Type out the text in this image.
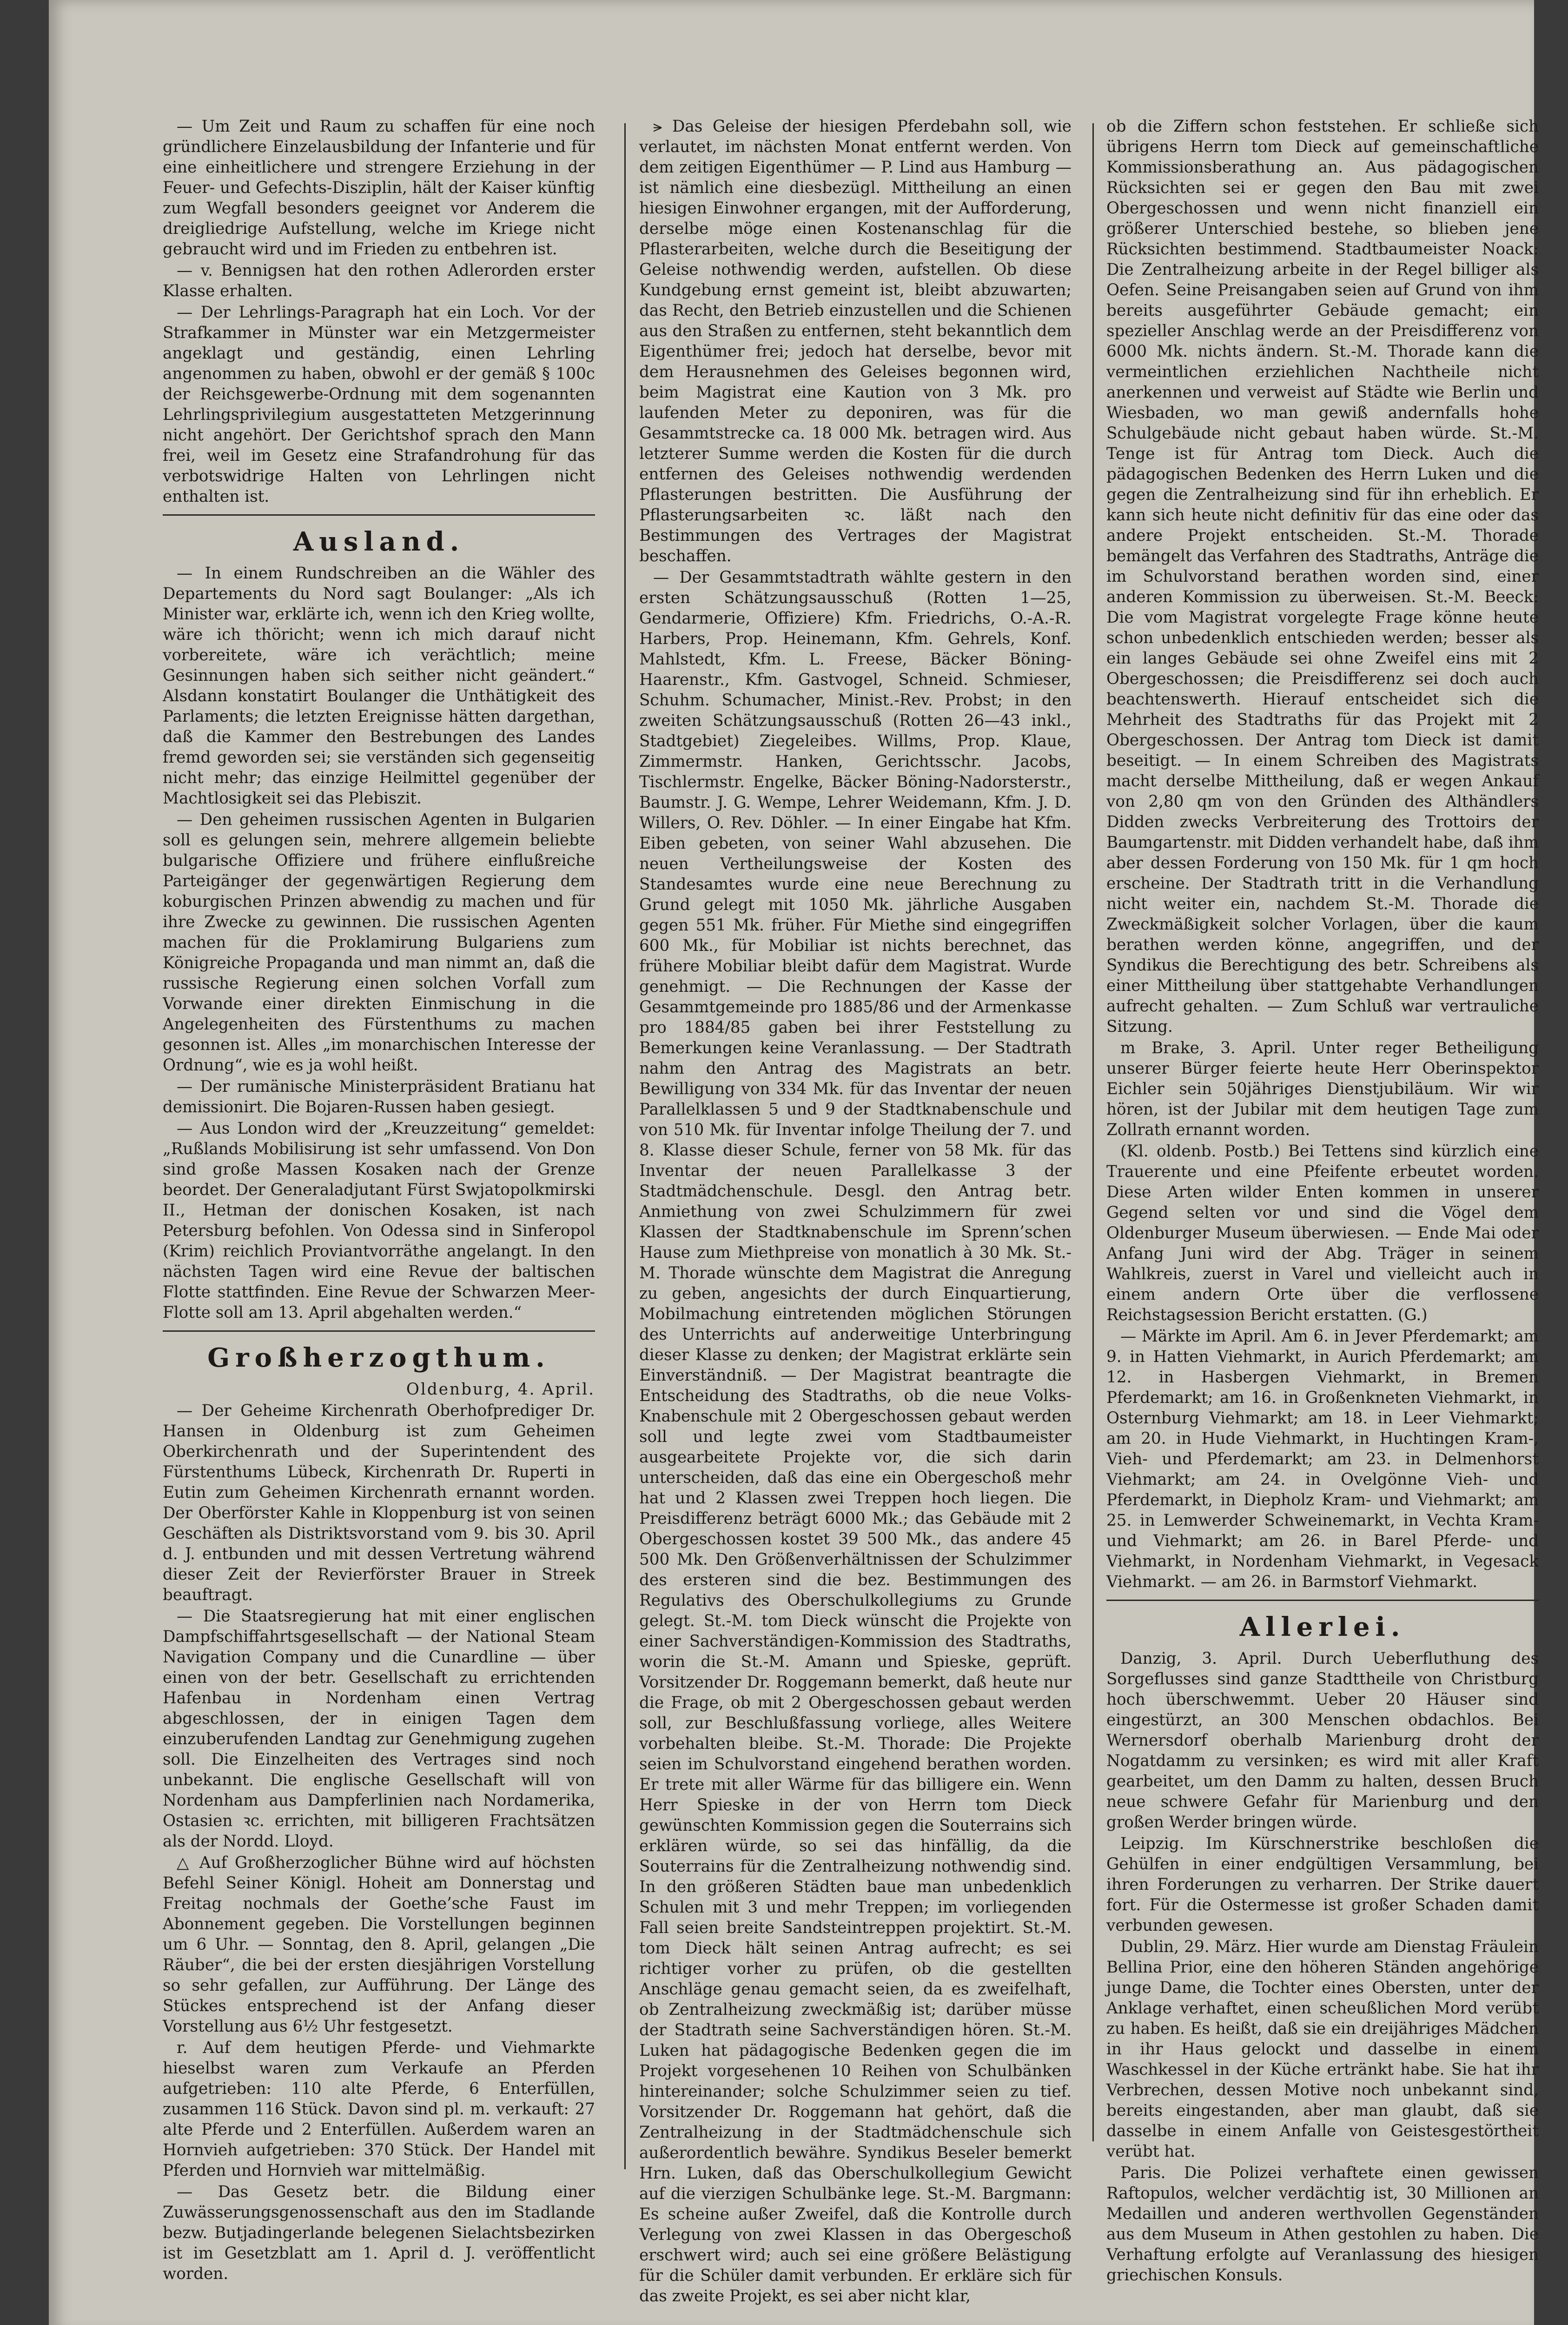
— Um Zeit und Raum zu schaffen für eine noch gründlichere Einzelausbildung der Infanterie und für eine einheitlichere und strengere Erziehung in der Feuer- und Gefechts-Disziplin, hält der Kaiser künftig zum Wegfall besonders geeignet vor Anderem die dreigliedrige Aufstellung, welche im Kriege nicht gebraucht wird und im Frieden zu entbehren ist.

— v. Bennigsen hat den rothen Adlerorden erster Klasse erhalten.

— Der Lehrlings-Paragraph hat ein Loch. Vor der Strafkammer in Münster war ein Metzgermeister angeklagt und geständig, einen Lehrling angenommen zu haben, obwohl er der gemäß § 100c der Reichsgewerbe-Ordnung mit dem sogenannten Lehrlingsprivilegium ausgestatteten Metzgerinnung nicht angehört. Der Gerichtshof sprach den Mann frei, weil im Gesetz eine Strafandrohung für das verbotswidrige Halten von Lehrlingen nicht enthalten ist.

Ausland.

— In einem Rundschreiben an die Wähler des Departements du Nord sagt Boulanger: „Als ich Minister war, erklärte ich, wenn ich den Krieg wollte, wäre ich thöricht; wenn ich mich darauf nicht vorbereitete, wäre ich verächtlich; meine Gesinnungen haben sich seither nicht geändert.“ Alsdann konstatirt Boulanger die Unthätigkeit des Parlaments; die letzten Ereignisse hätten dargethan, daß die Kammer den Bestrebungen des Landes fremd geworden sei; sie verständen sich gegenseitig nicht mehr; das einzige Heilmittel gegenüber der Machtlosigkeit sei das Plebiszit.

— Den geheimen russischen Agenten in Bulgarien soll es gelungen sein, mehrere allgemein beliebte bulgarische Offiziere und frühere einflußreiche Parteigänger der gegenwärtigen Regierung dem koburgischen Prinzen abwendig zu machen und für ihre Zwecke zu gewinnen. Die russischen Agenten machen für die Proklamirung Bulgariens zum Königreiche Propaganda und man nimmt an, daß die russische Regierung einen solchen Vorfall zum Vorwande einer direkten Einmischung in die Angelegenheiten des Fürstenthums zu machen gesonnen ist. Alles „im monarchischen Interesse der Ordnung“, wie es ja wohl heißt.

— Der rumänische Ministerpräsident Bratianu hat demissionirt. Die Bojaren-Russen haben gesiegt.

— Aus London wird der „Kreuzzeitung“ gemeldet: „Rußlands Mobilisirung ist sehr umfassend. Von Don sind große Massen Kosaken nach der Grenze beordet. Der Generaladjutant Fürst Swjatopolkmirski II., Hetman der donischen Kosaken, ist nach Petersburg befohlen. Von Odessa sind in Sinferopol (Krim) reichlich Proviantvorräthe angelangt. In den nächsten Tagen wird eine Revue der baltischen Flotte stattfinden. Eine Revue der Schwarzen Meer-Flotte soll am 13. April abgehalten werden.“

Großherzogthum.

Oldenburg, 4. April.

— Der Geheime Kirchenrath Oberhofprediger Dr. Hansen in Oldenburg ist zum Geheimen Oberkirchenrath und der Superintendent des Fürstenthums Lübeck, Kirchenrath Dr. Ruperti in Eutin zum Geheimen Kirchenrath ernannt worden. Der Oberförster Kahle in Kloppenburg ist von seinen Geschäften als Distriktsvorstand vom 9. bis 30. April d. J. entbunden und mit dessen Vertretung während dieser Zeit der Revierförster Brauer in Streek beauftragt.

— Die Staatsregierung hat mit einer englischen Dampfschiffahrtsgesellschaft — der National Steam Navigation Company und die Cunardline — über einen von der betr. Gesellschaft zu errichtenden Hafenbau in Nordenham einen Vertrag abgeschlossen, der in einigen Tagen dem einzuberufenden Landtag zur Genehmigung zugehen soll. Die Einzelheiten des Vertrages sind noch unbekannt. Die englische Gesellschaft will von Nordenham aus Dampferlinien nach Nordamerika, Ostasien ꝛc. errichten, mit billigeren Frachtsätzen als der Nordd. Lloyd.

△ Auf Großherzoglicher Bühne wird auf höchsten Befehl Seiner Königl. Hoheit am Donnerstag und Freitag nochmals der Goethe’sche Faust im Abonnement gegeben. Die Vorstellungen beginnen um 6 Uhr. — Sonntag, den 8. April, gelangen „Die Räuber“, die bei der ersten diesjährigen Vorstellung so sehr gefallen, zur Aufführung. Der Länge des Stückes entsprechend ist der Anfang dieser Vorstellung aus 6½ Uhr festgesetzt.

r. Auf dem heutigen Pferde- und Viehmarkte hieselbst waren zum Verkaufe an Pferden aufgetrieben: 110 alte Pferde, 6 Enterfüllen, zusammen 116 Stück. Davon sind pl. m. verkauft: 27 alte Pferde und 2 Enterfüllen. Außerdem waren an Hornvieh aufgetrieben: 370 Stück. Der Handel mit Pferden und Hornvieh war mittelmäßig.

— Das Gesetz betr. die Bildung einer Zuwässerungsgenossenschaft aus den im Stadlande bezw. Butjadingerlande belegenen Sielachtsbezirken ist im Gesetzblatt am 1. April d. J. veröffentlicht worden.

⪫ Das Geleise der hiesigen Pferdebahn soll, wie verlautet, im nächsten Monat entfernt werden. Von dem zeitigen Eigenthümer — P. Lind aus Hamburg — ist nämlich eine diesbezügl. Mittheilung an einen hiesigen Einwohner ergangen, mit der Aufforderung, derselbe möge einen Kostenanschlag für die Pflasterarbeiten, welche durch die Beseitigung der Geleise nothwendig werden, aufstellen. Ob diese Kundgebung ernst gemeint ist, bleibt abzuwarten; das Recht, den Betrieb einzustellen und die Schienen aus den Straßen zu entfernen, steht bekanntlich dem Eigenthümer frei; jedoch hat derselbe, bevor mit dem Herausnehmen des Geleises begonnen wird, beim Magistrat eine Kaution von 3 Mk. pro laufenden Meter zu deponiren, was für die Gesammtstrecke ca. 18 000 Mk. betragen wird. Aus letzterer Summe werden die Kosten für die durch entfernen des Geleises nothwendig werdenden Pflasterungen bestritten. Die Ausführung der Pflasterungsarbeiten ꝛc. läßt nach den Bestimmungen des Vertrages der Magistrat beschaffen.

— Der Gesammtstadtrath wählte gestern in den ersten Schätzungsausschuß (Rotten 1—25, Gendarmerie, Offiziere) Kfm. Friedrichs, O.-A.-R. Harbers, Prop. Heinemann, Kfm. Gehrels, Konf. Mahlstedt, Kfm. L. Freese, Bäcker Böning-Haarenstr., Kfm. Gastvogel, Schneid. Schmieser, Schuhm. Schumacher, Minist.-Rev. Probst; in den zweiten Schätzungsausschuß (Rotten 26—43 inkl., Stadtgebiet) Ziegeleibes. Willms, Prop. Klaue, Zimmermstr. Hanken, Gerichtsschr. Jacobs, Tischlermstr. Engelke, Bäcker Böning-Nadorsterstr., Baumstr. J. G. Wempe, Lehrer Weidemann, Kfm. J. D. Willers, O. Rev. Döhler. — In einer Eingabe hat Kfm. Eiben gebeten, von seiner Wahl abzusehen. Die neuen Vertheilungsweise der Kosten des Standesamtes wurde eine neue Berechnung zu Grund gelegt mit 1050 Mk. jährliche Ausgaben gegen 551 Mk. früher. Für Miethe sind eingegriffen 600 Mk., für Mobiliar ist nichts berechnet, das frühere Mobiliar bleibt dafür dem Magistrat. Wurde genehmigt. — Die Rechnungen der Kasse der Gesammtgemeinde pro 1885/86 und der Armenkasse pro 1884/85 gaben bei ihrer Feststellung zu Bemerkungen keine Veranlassung. — Der Stadtrath nahm den Antrag des Magistrats an betr. Bewilligung von 334 Mk. für das Inventar der neuen Parallelklassen 5 und 9 der Stadtknabenschule und von 510 Mk. für Inventar infolge Theilung der 7. und 8. Klasse dieser Schule, ferner von 58 Mk. für das Inventar der neuen Parallelkasse 3 der Stadtmädchenschule. Desgl. den Antrag betr. Anmiethung von zwei Schulzimmern für zwei Klassen der Stadtknabenschule im Sprenn’schen Hause zum Miethpreise von monatlich à 30 Mk. St.-M. Thorade wünschte dem Magistrat die Anregung zu geben, angesichts der durch Einquartierung, Mobilmachung eintretenden möglichen Störungen des Unterrichts auf anderweitige Unterbringung dieser Klasse zu denken; der Magistrat erklärte sein Einverständniß. — Der Magistrat beantragte die Entscheidung des Stadtraths, ob die neue Volks-Knabenschule mit 2 Obergeschossen gebaut werden soll und legte zwei vom Stadtbaumeister ausgearbeitete Projekte vor, die sich darin unterscheiden, daß das eine ein Obergeschoß mehr hat und 2 Klassen zwei Treppen hoch liegen. Die Preisdifferenz beträgt 6000 Mk.; das Gebäude mit 2 Obergeschossen kostet 39 500 Mk., das andere 45 500 Mk. Den Größenverhältnissen der Schulzimmer des ersteren sind die bez. Bestimmungen des Regulativs des Oberschulkollegiums zu Grunde gelegt. St.-M. tom Dieck wünscht die Projekte von einer Sachverständigen-Kommission des Stadtraths, worin die St.-M. Amann und Spieske, geprüft. Vorsitzender Dr. Roggemann bemerkt, daß heute nur die Frage, ob mit 2 Obergeschossen gebaut werden soll, zur Beschlußfassung vorliege, alles Weitere vorbehalten bleibe. St.-M. Thorade: Die Projekte seien im Schulvorstand eingehend berathen worden. Er trete mit aller Wärme für das billigere ein. Wenn Herr Spieske in der von Herrn tom Dieck gewünschten Kommission gegen die Souterrains sich erklären würde, so sei das hinfällig, da die Souterrains für die Zentralheizung nothwendig sind. In den größeren Städten baue man unbedenklich Schulen mit 3 und mehr Treppen; im vorliegenden Fall seien breite Sandsteintreppen projektirt. St.-M. tom Dieck hält seinen Antrag aufrecht; es sei richtiger vorher zu prüfen, ob die gestellten Anschläge genau gemacht seien, da es zweifelhaft, ob Zentralheizung zweckmäßig ist; darüber müsse der Stadtrath seine Sachverständigen hören. St.-M. Luken hat pädagogische Bedenken gegen die im Projekt vorgesehenen 10 Reihen von Schulbänken hintereinander; solche Schulzimmer seien zu tief. Vorsitzender Dr. Roggemann hat gehört, daß die Zentralheizung in der Stadtmädchenschule sich außerordentlich bewähre. Syndikus Beseler bemerkt Hrn. Luken, daß das Oberschulkollegium Gewicht auf die vierzigen Schulbänke lege. St.-M. Bargmann: Es scheine außer Zweifel, daß die Kontrolle durch Verlegung von zwei Klassen in das Obergeschoß erschwert wird; auch sei eine größere Belästigung für die Schüler damit verbunden. Er erkläre sich für das zweite Projekt, es sei aber nicht klar,

ob die Ziffern schon feststehen. Er schließe sich übrigens Herrn tom Dieck auf gemeinschaftliche Kommissionsberathung an. Aus pädagogischen Rücksichten sei er gegen den Bau mit zwei Obergeschossen und wenn nicht finanziell ein größerer Unterschied bestehe, so blieben jene Rücksichten bestimmend. Stadtbaumeister Noack: Die Zentralheizung arbeite in der Regel billiger als Oefen. Seine Preisangaben seien auf Grund von ihm bereits ausgeführter Gebäude gemacht; ein spezieller Anschlag werde an der Preisdifferenz von 6000 Mk. nichts ändern. St.-M. Thorade kann die vermeintlichen erziehlichen Nachtheile nicht anerkennen und verweist auf Städte wie Berlin und Wiesbaden, wo man gewiß andernfalls hohe Schulgebäude nicht gebaut haben würde. St.-M. Tenge ist für Antrag tom Dieck. Auch die pädagogischen Bedenken des Herrn Luken und die gegen die Zentralheizung sind für ihn erheblich. Er kann sich heute nicht definitiv für das eine oder das andere Projekt entscheiden. St.-M. Thorade bemängelt das Verfahren des Stadtraths, Anträge die im Schulvorstand berathen worden sind, einer anderen Kommission zu überweisen. St.-M. Beeck: Die vom Magistrat vorgelegte Frage könne heute schon unbedenklich entschieden werden; besser als ein langes Gebäude sei ohne Zweifel eins mit 2 Obergeschossen; die Preisdifferenz sei doch auch beachtenswerth. Hierauf entscheidet sich die Mehrheit des Stadtraths für das Projekt mit 2 Obergeschossen. Der Antrag tom Dieck ist damit beseitigt. — In einem Schreiben des Magistrats macht derselbe Mittheilung, daß er wegen Ankauf von 2,80 qm von den Gründen des Althändlers Didden zwecks Verbreiterung des Trottoirs der Baumgartenstr. mit Didden verhandelt habe, daß ihm aber dessen Forderung von 150 Mk. für 1 qm hoch erscheine. Der Stadtrath tritt in die Verhandlung nicht weiter ein, nachdem St.-M. Thorade die Zweckmäßigkeit solcher Vorlagen, über die kaum berathen werden könne, angegriffen, und der Syndikus die Berechtigung des betr. Schreibens als einer Mittheilung über stattgehabte Verhandlungen aufrecht gehalten. — Zum Schluß war vertrauliche Sitzung.

m Brake, 3. April. Unter reger Betheiligung unserer Bürger feierte heute Herr Oberinspektor Eichler sein 50jähriges Dienstjubiläum. Wir wir hören, ist der Jubilar mit dem heutigen Tage zum Zollrath ernannt worden.

(Kl. oldenb. Postb.) Bei Tettens sind kürzlich eine Trauerente und eine Pfeifente erbeutet worden. Diese Arten wilder Enten kommen in unserer Gegend selten vor und sind die Vögel dem Oldenburger Museum überwiesen. — Ende Mai oder Anfang Juni wird der Abg. Träger in seinem Wahlkreis, zuerst in Varel und vielleicht auch in einem andern Orte über die verflossene Reichstagsession Bericht erstatten. (G.)

— Märkte im April. Am 6. in Jever Pferdemarkt; am 9. in Hatten Viehmarkt, in Aurich Pferdemarkt; am 12. in Hasbergen Viehmarkt, in Bremen Pferdemarkt; am 16. in Großenkneten Viehmarkt, in Osternburg Viehmarkt; am 18. in Leer Viehmarkt; am 20. in Hude Viehmarkt, in Huchtingen Kram-, Vieh- und Pferdemarkt; am 23. in Delmenhorst Viehmarkt; am 24. in Ovelgönne Vieh- und Pferdemarkt, in Diepholz Kram- und Viehmarkt; am 25. in Lemwerder Schweinemarkt, in Vechta Kram- und Viehmarkt; am 26. in Barel Pferde- und Viehmarkt, in Nordenham Viehmarkt, in Vegesack Viehmarkt. — am 26. in Barmstorf Viehmarkt.

Allerlei.

Danzig, 3. April. Durch Ueberfluthung des Sorgeflusses sind ganze Stadttheile von Christburg hoch überschwemmt. Ueber 20 Häuser sind eingestürzt, an 300 Menschen obdachlos. Bei Wernersdorf oberhalb Marienburg droht der Nogatdamm zu versinken; es wird mit aller Kraft gearbeitet, um den Damm zu halten, dessen Bruch neue schwere Gefahr für Marienburg und den großen Werder bringen würde.

Leipzig. Im Kürschnerstrike beschloßen die Gehülfen in einer endgültigen Versammlung, bei ihren Forderungen zu verharren. Der Strike dauert fort. Für die Ostermesse ist großer Schaden damit verbunden gewesen.

Dublin, 29. März. Hier wurde am Dienstag Fräulein Bellina Prior, eine den höheren Ständen angehörige junge Dame, die Tochter eines Obersten, unter der Anklage verhaftet, einen scheußlichen Mord verübt zu haben. Es heißt, daß sie ein dreijähriges Mädchen in ihr Haus gelockt und dasselbe in einem Waschkessel in der Küche ertränkt habe. Sie hat ihr Verbrechen, dessen Motive noch unbekannt sind, bereits eingestanden, aber man glaubt, daß sie dasselbe in einem Anfalle von Geistesgestörtheit verübt hat.

Paris. Die Polizei verhaftete einen gewissen Raftopulos, welcher verdächtig ist, 30 Millionen an Medaillen und anderen werthvollen Gegenständen aus dem Museum in Athen gestohlen zu haben. Die Verhaftung erfolgte auf Veranlassung des hiesigen griechischen Konsuls.
